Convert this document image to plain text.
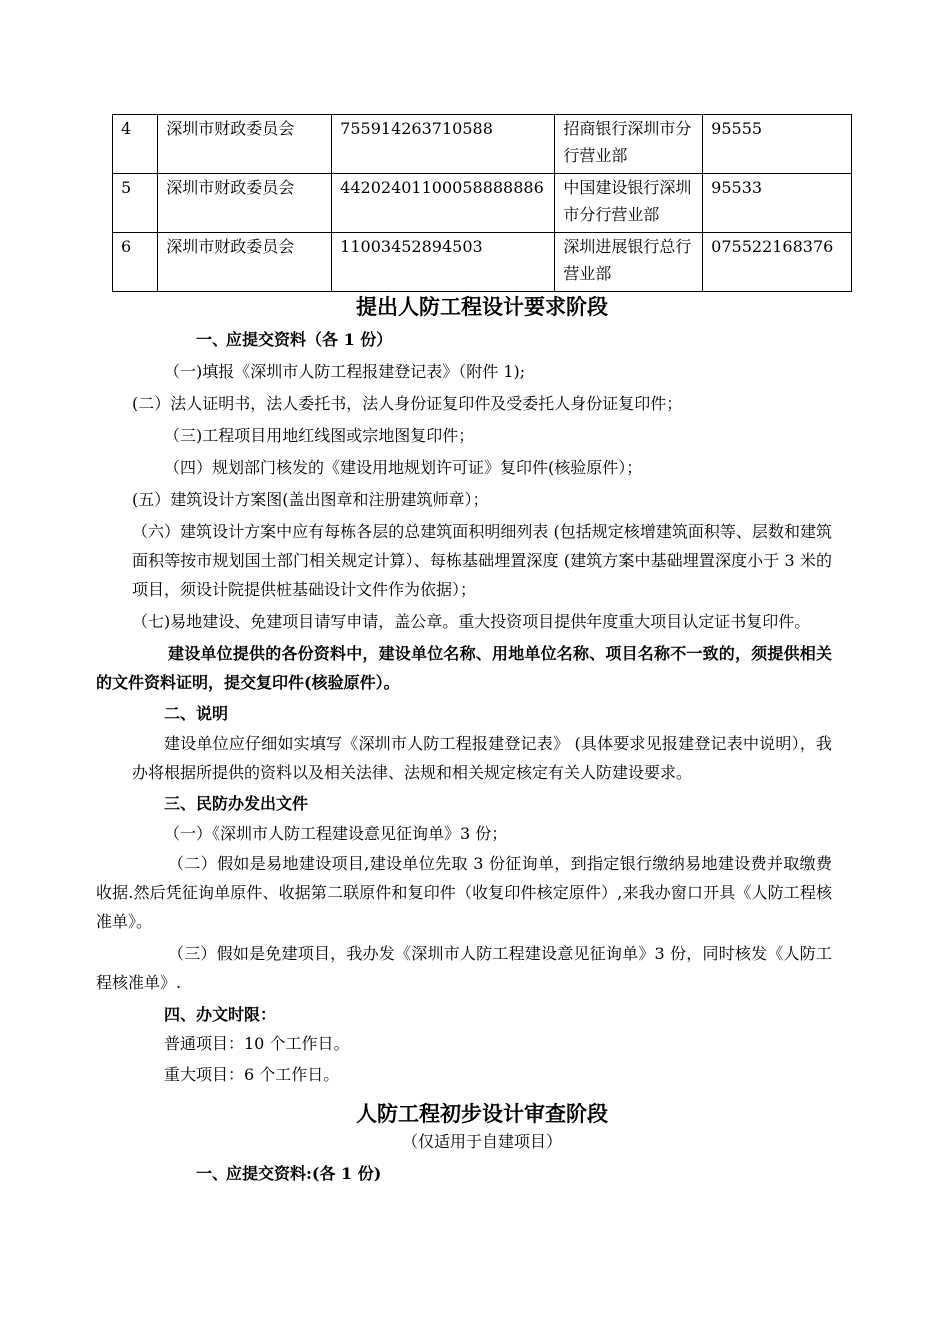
4	深圳市财政委员会	755914263710588	招商银行深圳市分行营业部	95555
5	深圳市财政委员会	44202401100058888886	中国建设银行深圳市分行营业部	95533
6	深圳市财政委员会	11003452894503	深圳进展银行总行营业部	075522168376
提出人防工程设计要求阶段

一、应提交资料（各 1 份）

（一)填报《深圳市人防工程报建登记表》（附件 1);

(二）法人证明书，法人委托书，法人身份证复印件及受委托人身份证复印件；

（三)工程项目用地红线图或宗地图复印件；

（四）规划部门核发的《建设用地规划许可证》复印件(核验原件）；

(五）建筑设计方案图(盖出图章和注册建筑师章）；

（六）建筑设计方案中应有每栋各层的总建筑面积明细列表 (包括规定核增建筑面积等、层数和建筑面积等按市规划国土部门相关规定计算）、每栋基础埋置深度 (建筑方案中基础埋置深度小于 3 米的项目，须设计院提供桩基础设计文件作为依据）；

（七)易地建设、免建项目请写申请，盖公章。重大投资项目提供年度重大项目认定证书复印件。

建设单位提供的各份资料中，建设单位名称、用地单位名称、项目名称不一致的，须提供相关的文件资料证明，提交复印件(核验原件）。

二、说明

建设单位应仔细如实填写《深圳市人防工程报建登记表》 (具体要求见报建登记表中说明），我办将根据所提供的资料以及相关法律、法规和相关规定核定有关人防建设要求。

三、民防办发出文件

（一）《深圳市人防工程建设意见征询单》3 份；

（二）假如是易地建设项目,建设单位先取 3 份征询单，到指定银行缴纳易地建设费并取缴费收据.然后凭征询单原件、收据第二联原件和复印件（收复印件核定原件）,来我办窗口开具《人防工程核准单》。

（三）假如是免建项目，我办发《深圳市人防工程建设意见征询单》3 份，同时核发《人防工程核准单》.

四、办文时限：

普通项目：10 个工作日。

重大项目：6 个工作日。

人防工程初步设计审查阶段

（仅适用于自建项目）

一、应提交资料:(各 1 份)
